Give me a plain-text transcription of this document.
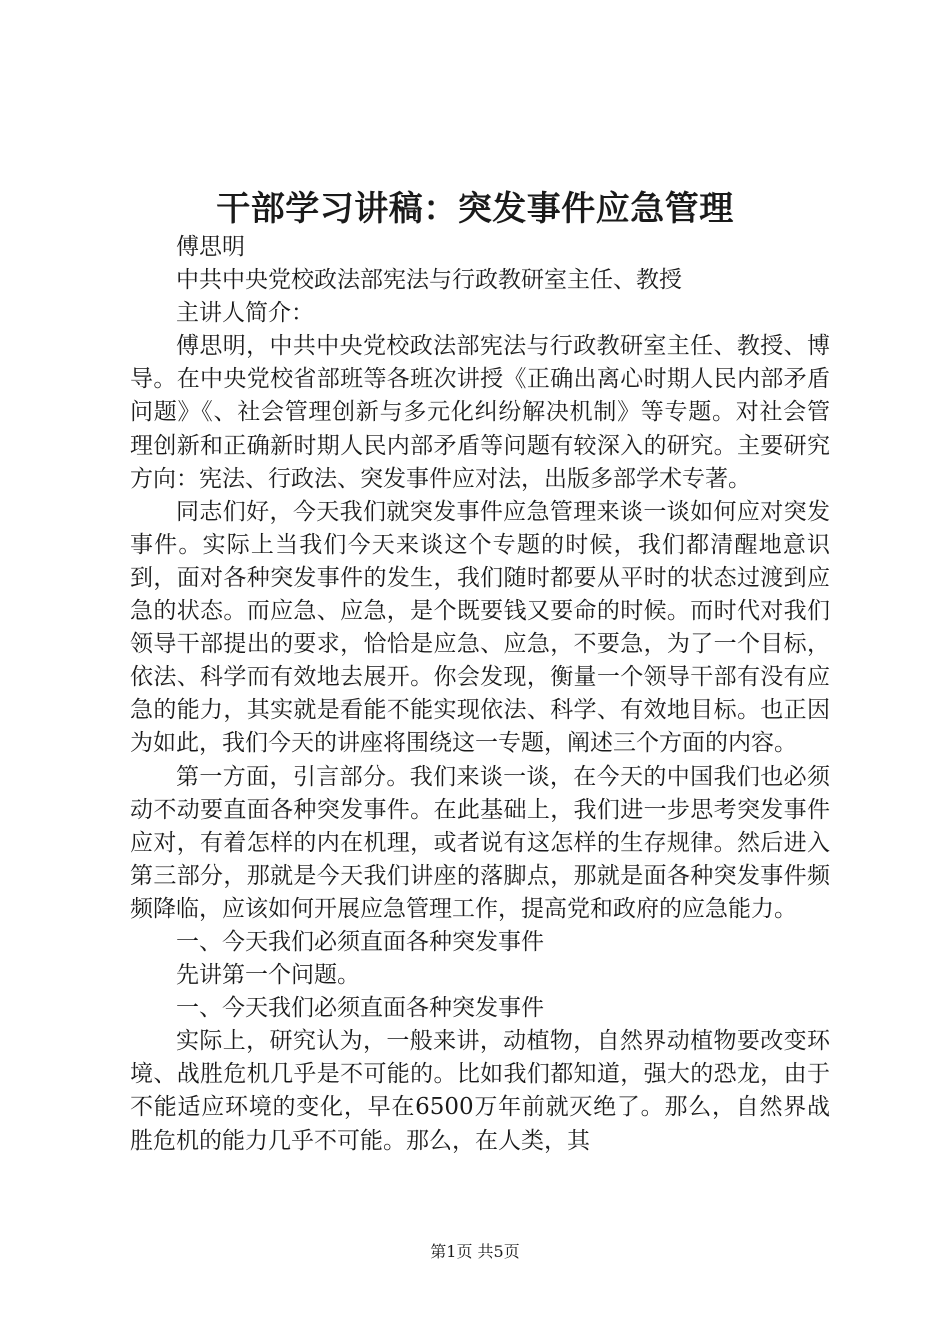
干部学习讲稿：突发事件应急管理

傅思明

中共中央党校政法部宪法与行政教研室主任、教授

主讲人简介：

傅思明，中共中央党校政法部宪法与行政教研室主任、教授、博导。在中央党校省部班等各班次讲授《正确出离心时期人民内部矛盾问题》《、社会管理创新与多元化纠纷解决机制》等专题。对社会管理创新和正确新时期人民内部矛盾等问题有较深入的研究。主要研究方向：宪法、行政法、突发事件应对法，出版多部学术专著。

同志们好，今天我们就突发事件应急管理来谈一谈如何应对突发事件。实际上当我们今天来谈这个专题的时候，我们都清醒地意识到，面对各种突发事件的发生，我们随时都要从平时的状态过渡到应急的状态。而应急、应急，是个既要钱又要命的时候。而时代对我们领导干部提出的要求，恰恰是应急、应急，不要急，为了一个目标，依法、科学而有效地去展开。你会发现，衡量一个领导干部有没有应急的能力，其实就是看能不能实现依法、科学、有效地目标。也正因为如此，我们今天的讲座将围绕这一专题，阐述三个方面的内容。

第一方面，引言部分。我们来谈一谈，在今天的中国我们也必须动不动要直面各种突发事件。在此基础上，我们进一步思考突发事件应对，有着怎样的内在机理，或者说有这怎样的生存规律。然后进入第三部分，那就是今天我们讲座的落脚点，那就是面各种突发事件频频降临，应该如何开展应急管理工作，提高党和政府的应急能力。

一、今天我们必须直面各种突发事件

先讲第一个问题。

一、今天我们必须直面各种突发事件

实际上，研究认为，一般来讲，动植物，自然界动植物要改变环境、战胜危机几乎是不可能的。比如我们都知道，强大的恐龙，由于不能适应环境的变化，早在6500万年前就灭绝了。那么，自然界战胜危机的能力几乎不可能。那么，在人类，其

第1页 共5页
